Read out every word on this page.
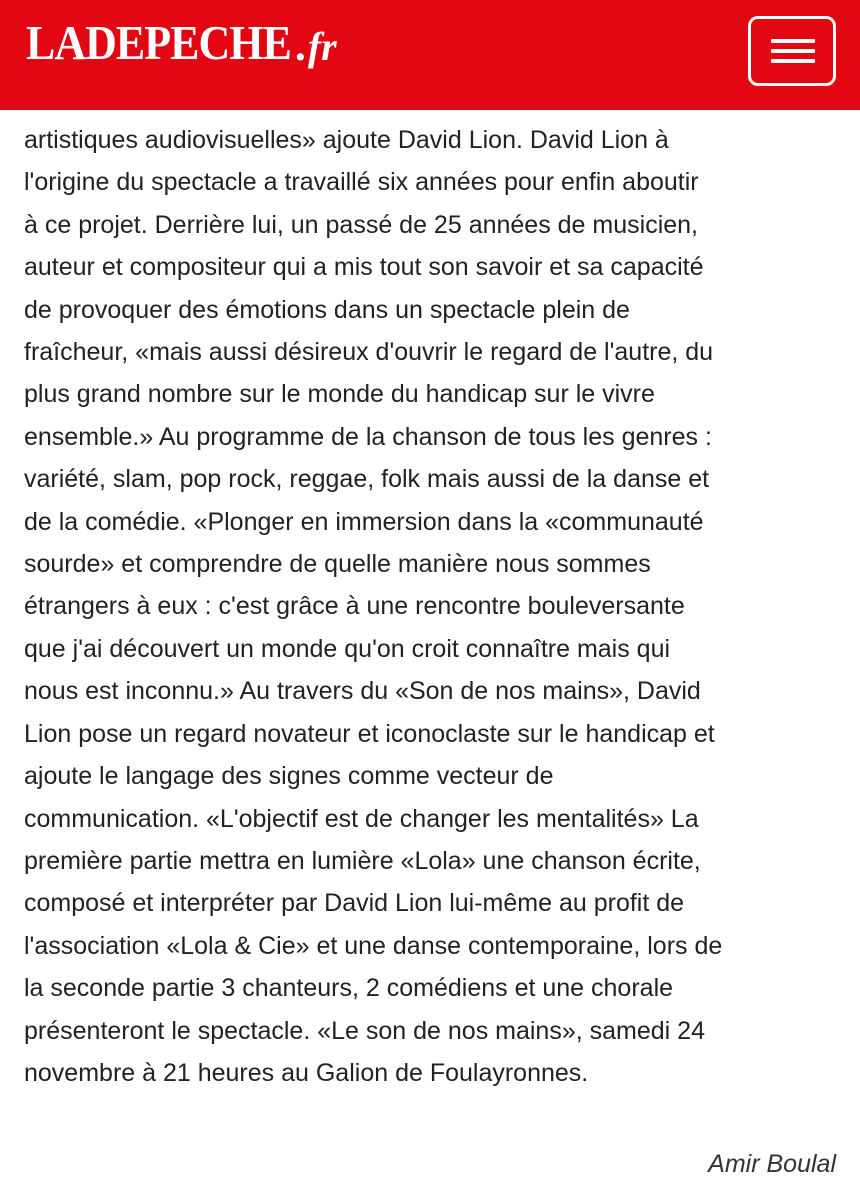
LADEPECHE . fr

artistiques audiovisuelles» ajoute David Lion. David Lion à
l'origine du spectacle a travaillé six années pour enfin aboutir
à ce projet. Derrière lui, un passé de 25 années de musicien,
auteur et compositeur qui a mis tout son savoir et sa capacité
de provoquer des émotions dans un spectacle plein de
fraîcheur, «mais aussi désireux d'ouvrir le regard de l'autre, du
plus grand nombre sur le monde du handicap sur le vivre
ensemble.» Au programme de la chanson de tous les genres :
variété, slam, pop rock, reggae, folk mais aussi de la danse et
de la comédie. «Plonger en immersion dans la «communauté
sourde» et comprendre de quelle manière nous sommes
étrangers à eux : c'est grâce à une rencontre bouleversante
que j'ai découvert un monde qu'on croit connaître mais qui
nous est inconnu.» Au travers du «Son de nos mains», David
Lion pose un regard novateur et iconoclaste sur le handicap et
ajoute le langage des signes comme vecteur de
communication. «L'objectif est de changer les mentalités» La
première partie mettra en lumière «Lola» une chanson écrite,
composé et interpréter par David Lion lui-même au profit de
l'association «Lola & Cie» et une danse contemporaine, lors de
la seconde partie 3 chanteurs, 2 comédiens et une chorale
présenteront le spectacle. «Le son de nos mains», samedi 24
novembre à 21 heures au Galion de Foulayronnes.

Amir Boulal
